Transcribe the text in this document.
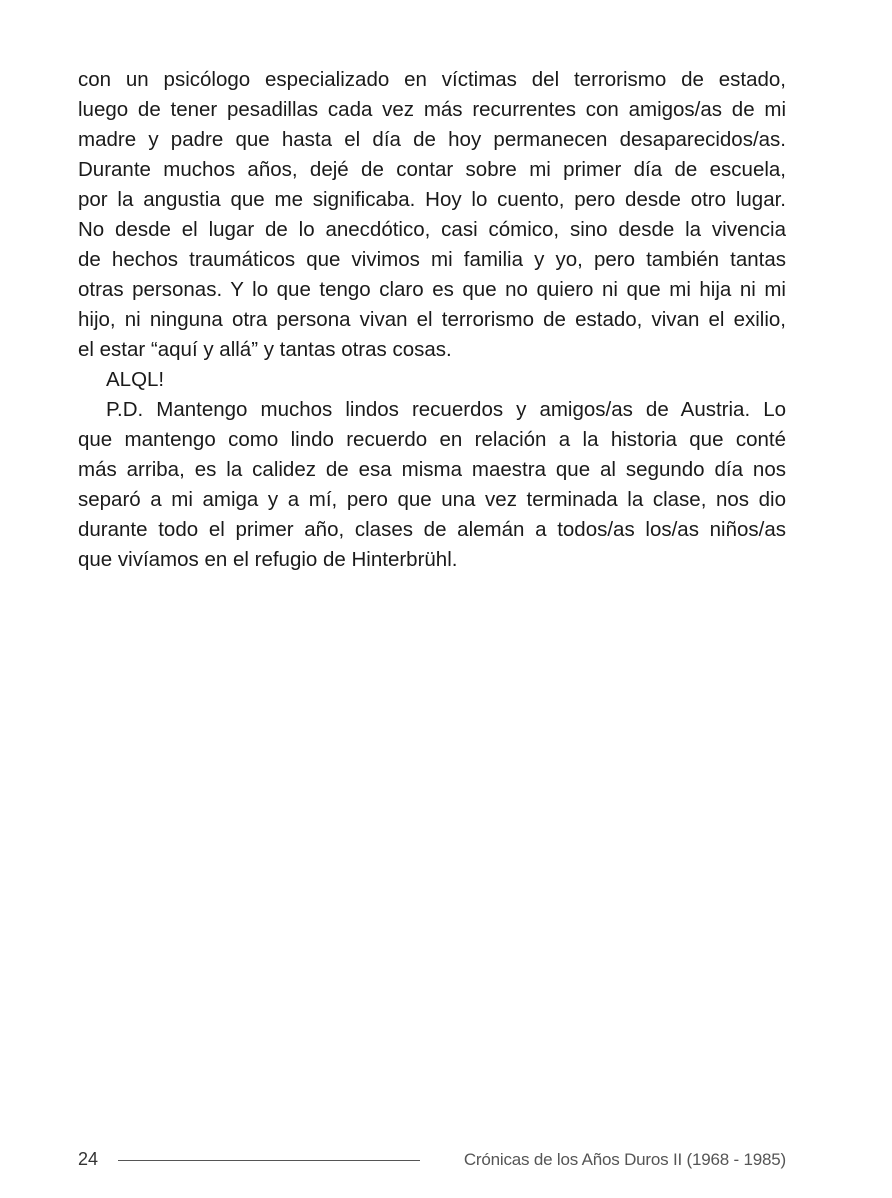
con un psicólogo especializado en víctimas del terrorismo de estado,
luego de tener pesadillas cada vez más recurrentes con amigos/as de mi
madre y padre que hasta el día de hoy permanecen desaparecidos/as.
Durante muchos años, dejé de contar sobre mi primer día de escuela,
por la angustia que me significaba. Hoy lo cuento, pero desde otro lugar.
No desde el lugar de lo anecdótico, casi cómico, sino desde la vivencia
de hechos traumáticos que vivimos mi familia y yo, pero también tantas
otras personas. Y lo que tengo claro es que no quiero ni que mi hija ni mi
hijo, ni ninguna otra persona vivan el terrorismo de estado, vivan el exilio,
el estar “aquí y allá” y tantas otras cosas.
ALQL!
P.D. Mantengo muchos lindos recuerdos y amigos/as de Austria. Lo
que mantengo como lindo recuerdo en relación a la historia que conté
más arriba, es la calidez de esa misma maestra que al segundo día nos
separó a mi amiga y a mí, pero que una vez terminada la clase, nos dio
durante todo el primer año, clases de alemán a todos/as los/as niños/as
que vivíamos en el refugio de Hinterbrühl.
24	Crónicas de los Años Duros II (1968 - 1985)
